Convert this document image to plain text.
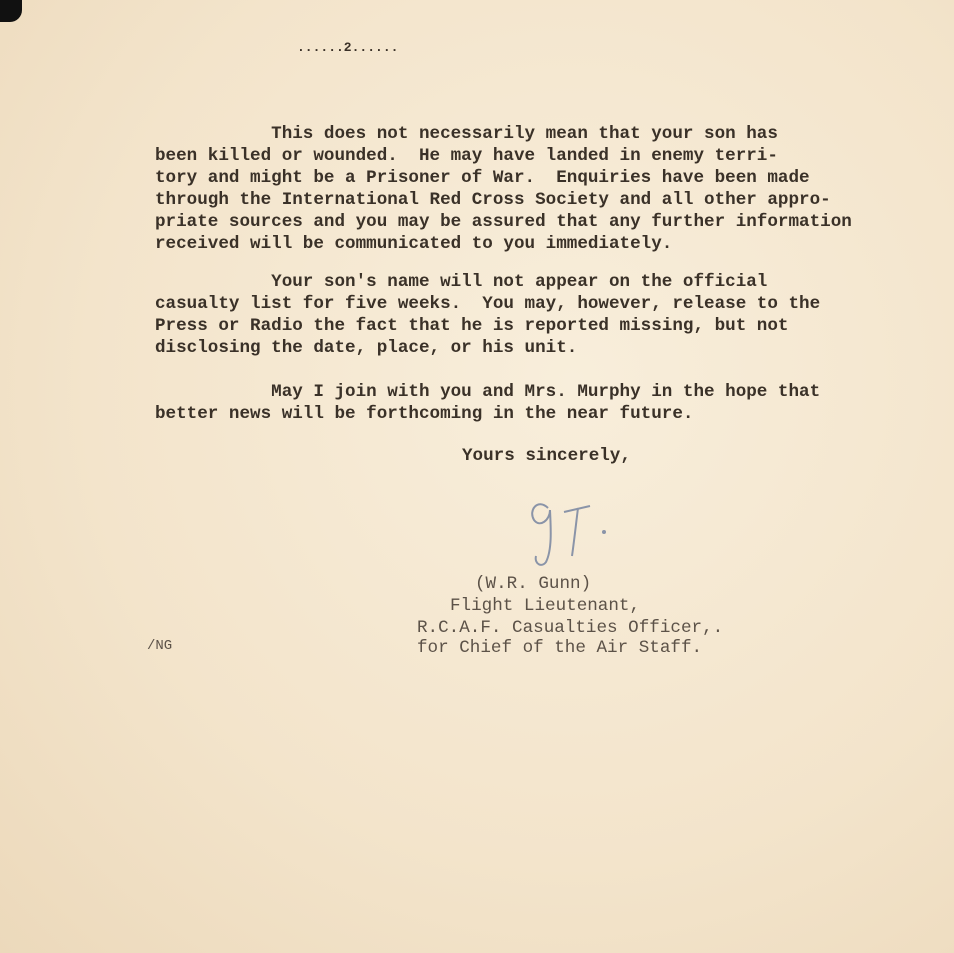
......2......
This does not necessarily mean that your son has
been killed or wounded.  He may have landed in enemy terri-
tory and might be a Prisoner of War.  Enquiries have been made
through the International Red Cross Society and all other appro-
priate sources and you may be assured that any further information
received will be communicated to you immediately.
Your son's name will not appear on the official
casualty list for five weeks.  You may, however, release to the
Press or Radio the fact that he is reported missing, but not
disclosing the date, place, or his unit.
May I join with you and Mrs. Murphy in the hope that
better news will be forthcoming in the near future.
Yours sincerely,
(W.R. Gunn)
Flight Lieutenant,
R.C.A.F. Casualties Officer,.
for Chief of the Air Staff.
/NG
